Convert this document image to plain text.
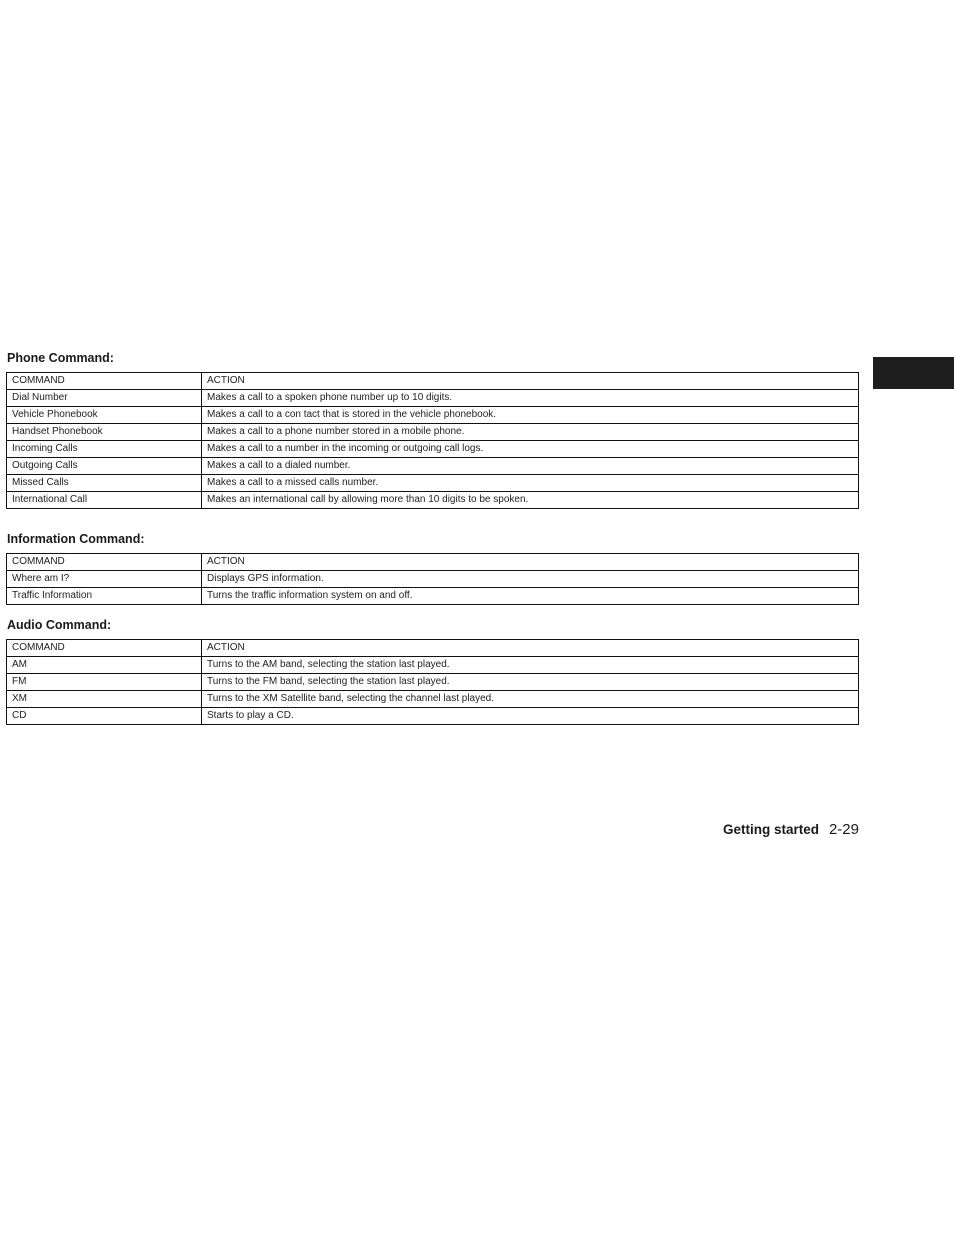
Phone Command:
COMMAND	ACTION
Dial Number	Makes a call to a spoken phone number up to 10 digits.
Vehicle Phonebook	Makes a call to a con tact that is stored in the vehicle phonebook.
Handset Phonebook	Makes a call to a phone number stored in a mobile phone.
Incoming Calls	Makes a call to a number in the incoming or outgoing call logs.
Outgoing Calls	Makes a call to a dialed number.
Missed Calls	Makes a call to a missed calls number.
International Call	Makes an international call by allowing more than 10 digits to be spoken.
Information Command:
COMMAND	ACTION
Where am I?	Displays GPS information.
Traffic Information	Turns the traffic information system on and off.
Audio Command:
COMMAND	ACTION
AM	Turns to the AM band, selecting the station last played.
FM	Turns to the FM band, selecting the station last played.
XM	Turns to the XM Satellite band, selecting the channel last played.
CD	Starts to play a CD.
Getting started 2-29
